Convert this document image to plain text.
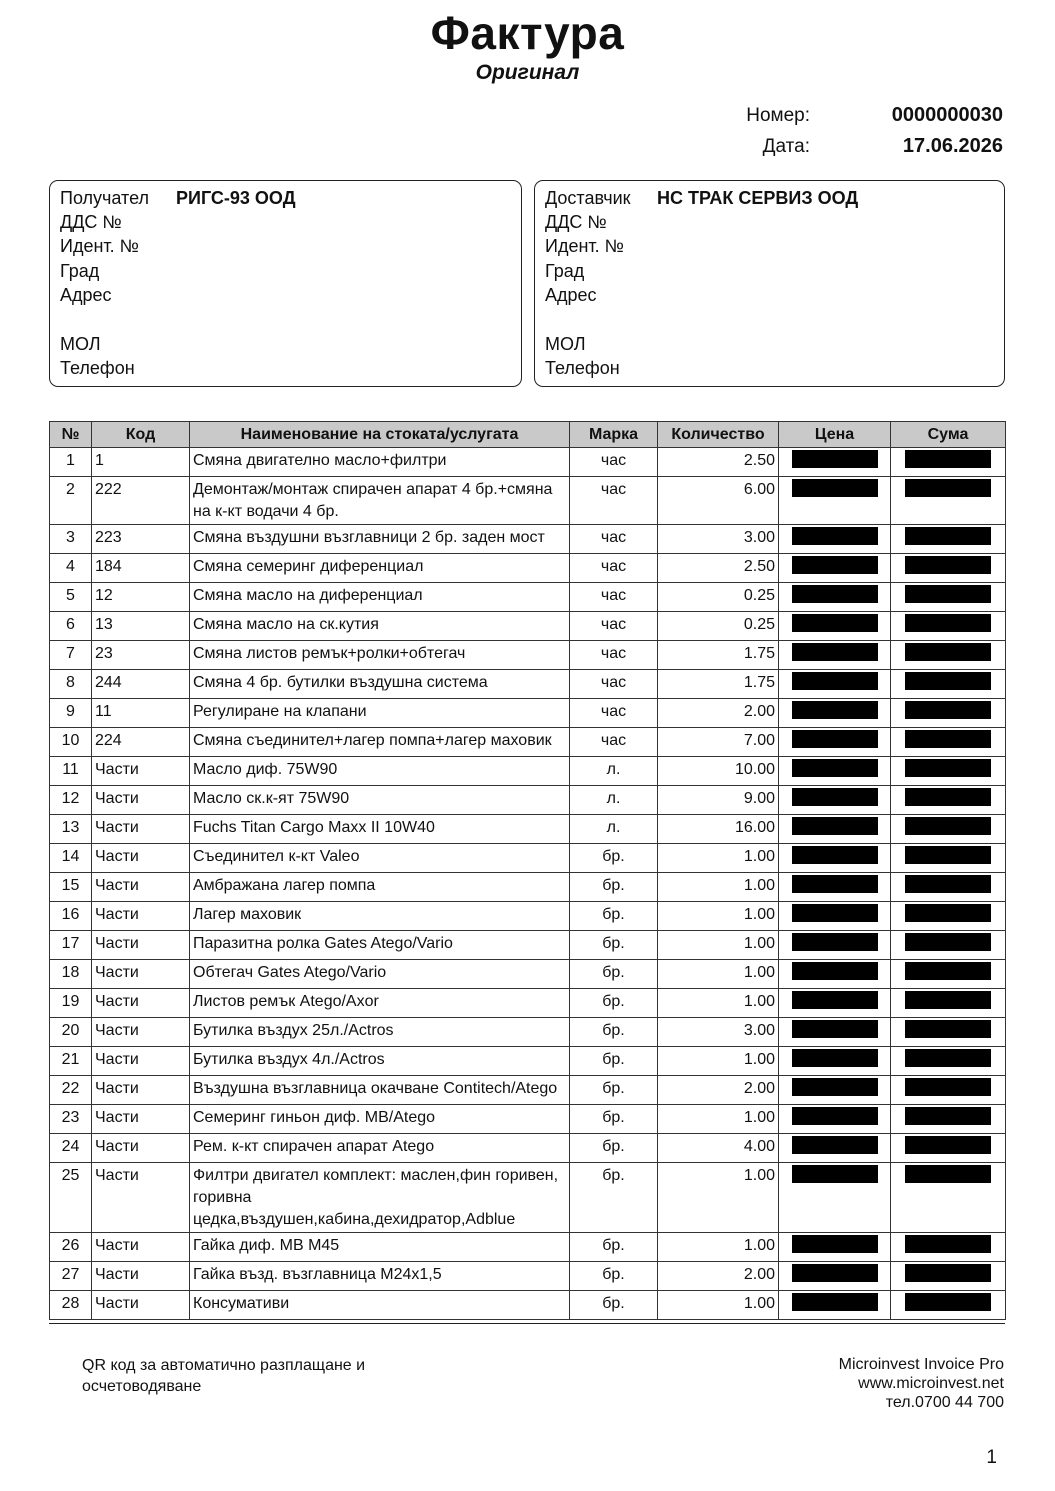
Фактура
Оригинал
Номер:	0000000030
Дата:	17.06.2026
Получател РИГС-93 ООД
ДДС №
Идент. №
Град
Адрес
МОЛ
Телефон
Доставчик НС ТРАК СЕРВИЗ ООД
ДДС №
Идент. №
Град
Адрес
МОЛ
Телефон
№	Код	Наименование на стоката/услугата	Марка	Количество	Цена	Сума
1	1	Смяна двигателно масло+филтри	час	2.50		
2	222	Демонтаж/монтаж спирачен апарат 4 бр.+смяна на к-кт водачи 4 бр.	час	6.00		
3	223	Смяна въздушни възглавници 2 бр. заден мост	час	3.00		
4	184	Смяна семеринг диференциал	час	2.50		
5	12	Смяна масло на диференциал	час	0.25		
6	13	Смяна масло на ск.кутия	час	0.25		
7	23	Смяна листов ремък+ролки+обтегач	час	1.75		
8	244	Смяна 4 бр. бутилки въздушна система	час	1.75		
9	11	Регулиране на клапани	час	2.00		
10	224	Смяна съединител+лагер помпа+лагер маховик	час	7.00		
11	Части	Масло диф. 75W90	л.	10.00		
12	Части	Масло ск.к-ят 75W90	л.	9.00		
13	Части	Fuchs Titan Cargo Maxx II 10W40	л.	16.00		
14	Части	Съединител к-кт Valeo	бр.	1.00		
15	Части	Амбражана лагер помпа	бр.	1.00		
16	Части	Лагер маховик	бр.	1.00		
17	Части	Паразитна ролка Gates Atego/Vario	бр.	1.00		
18	Части	Обтегач Gates Atego/Vario	бр.	1.00		
19	Части	Листов ремък Atego/Axor	бр.	1.00		
20	Части	Бутилка въздух 25л./Actros	бр.	3.00		
21	Части	Бутилка въздух 4л./Actros	бр.	1.00		
22	Части	Въздушна възглавница окачване Contitech/Atego	бр.	2.00		
23	Части	Семеринг гиньон диф. MB/Atego	бр.	1.00		
24	Части	Рем. к-кт спирачен апарат Atego	бр.	4.00		
25	Части	Филтри двигател комплект: маслен,фин горивен, горивна цедка,въздушен,кабина,дехидратор,Adblue	бр.	1.00		
26	Части	Гайка диф. MB M45	бр.	1.00		
27	Части	Гайка възд. възглавница M24x1,5	бр.	2.00		
28	Части	Консумативи	бр.	1.00		
QR код за автоматично разплащане и
осчетоводяване
Microinvest Invoice Pro
www.microinvest.net
тел.0700 44 700
1
